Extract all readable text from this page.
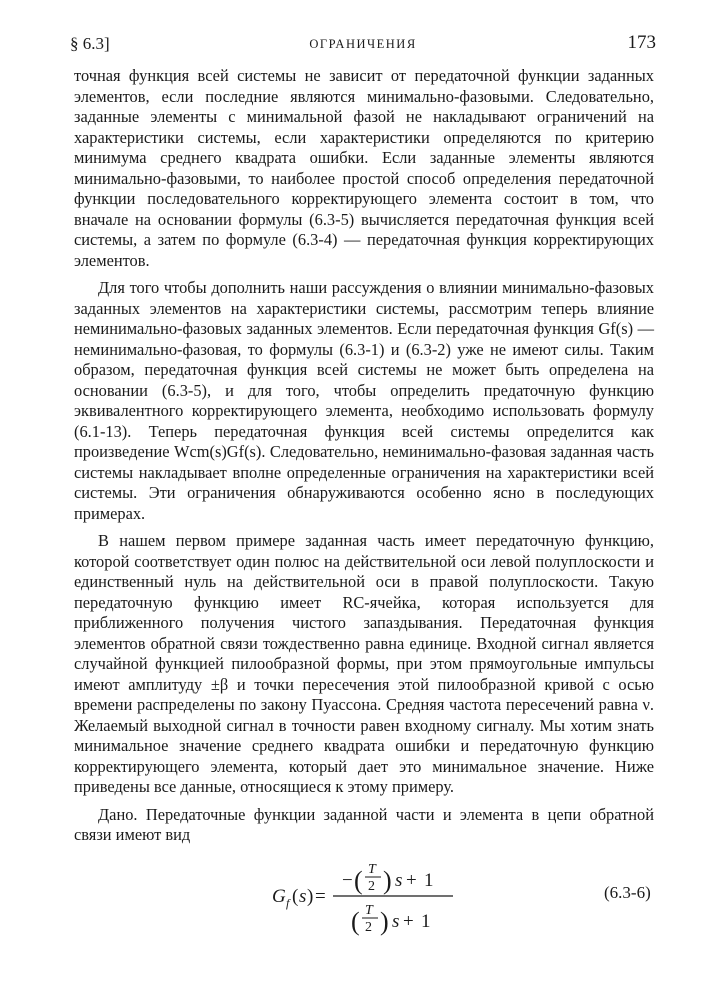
§ 6.3]	ОГРАНИЧЕНИЯ	173

точная функция всей системы не зависит от передаточной функции заданных элементов, если последние являются минимально-фазовыми. Следовательно, заданные элементы с минимальной фазой не накладывают ограничений на характеристики системы, если характеристики определяются по критерию минимума среднего квадрата ошибки. Если заданные элементы являются минимально-фазовыми, то наиболее простой способ определения передаточной функции последовательного корректирующего элемента состоит в том, что вначале на основании формулы (6.3-5) вычисляется передаточная функция всей системы, а затем по формуле (6.3-4) — передаточная функция корректирующих элементов.

Для того чтобы дополнить наши рассуждения о влиянии минимально-фазовых заданных элементов на характеристики системы, рассмотрим теперь влияние неминимально-фазовых заданных элементов. Если передаточная функция Gf(s) — неминимально-фазовая, то формулы (6.3-1) и (6.3-2) уже не имеют силы. Таким образом, передаточная функция всей системы не может быть определена на основании (6.3-5), и для того, чтобы определить предаточную функцию эквивалентного корректирующего элемента, необходимо использовать формулу (6.1-13). Теперь передаточная функция всей системы определится как произведение Wcm(s)Gf(s). Следовательно, неминимально-фазовая заданная часть системы накладывает вполне определенные ограничения на характеристики всей системы. Эти ограничения обнаруживаются особенно ясно в последующих примерах.

В нашем первом примере заданная часть имеет передаточную функцию, которой соответствует один полюс на действительной оси левой полуплоскости и единственный нуль на действительной оси в правой полуплоскости. Такую передаточную функцию имеет RC-ячейка, которая используется для приближенного получения чистого запаздывания. Передаточная функция элементов обратной связи тождественно равна единице. Входной сигнал является случайной функцией пилообразной формы, при этом прямоугольные импульсы имеют амплитуду ±β и точки пересечения этой пилообразной кривой с осью времени распределены по закону Пуассона. Средняя частота пересечений равна ν. Желаемый выходной сигнал в точности равен входному сигналу. Мы хотим знать минимальное значение среднего квадрата ошибки и передаточную функцию корректирующего элемента, который дает это минимальное значение. Ниже приведены все данные, относящиеся к этому примеру.

Дано. Передаточные функции заданной части и элемента в цепи обратной связи имеют вид

G f ( s ) =
− ( T
2 ) s + 1
( T
2 ) s + 1
(6.3-6)
